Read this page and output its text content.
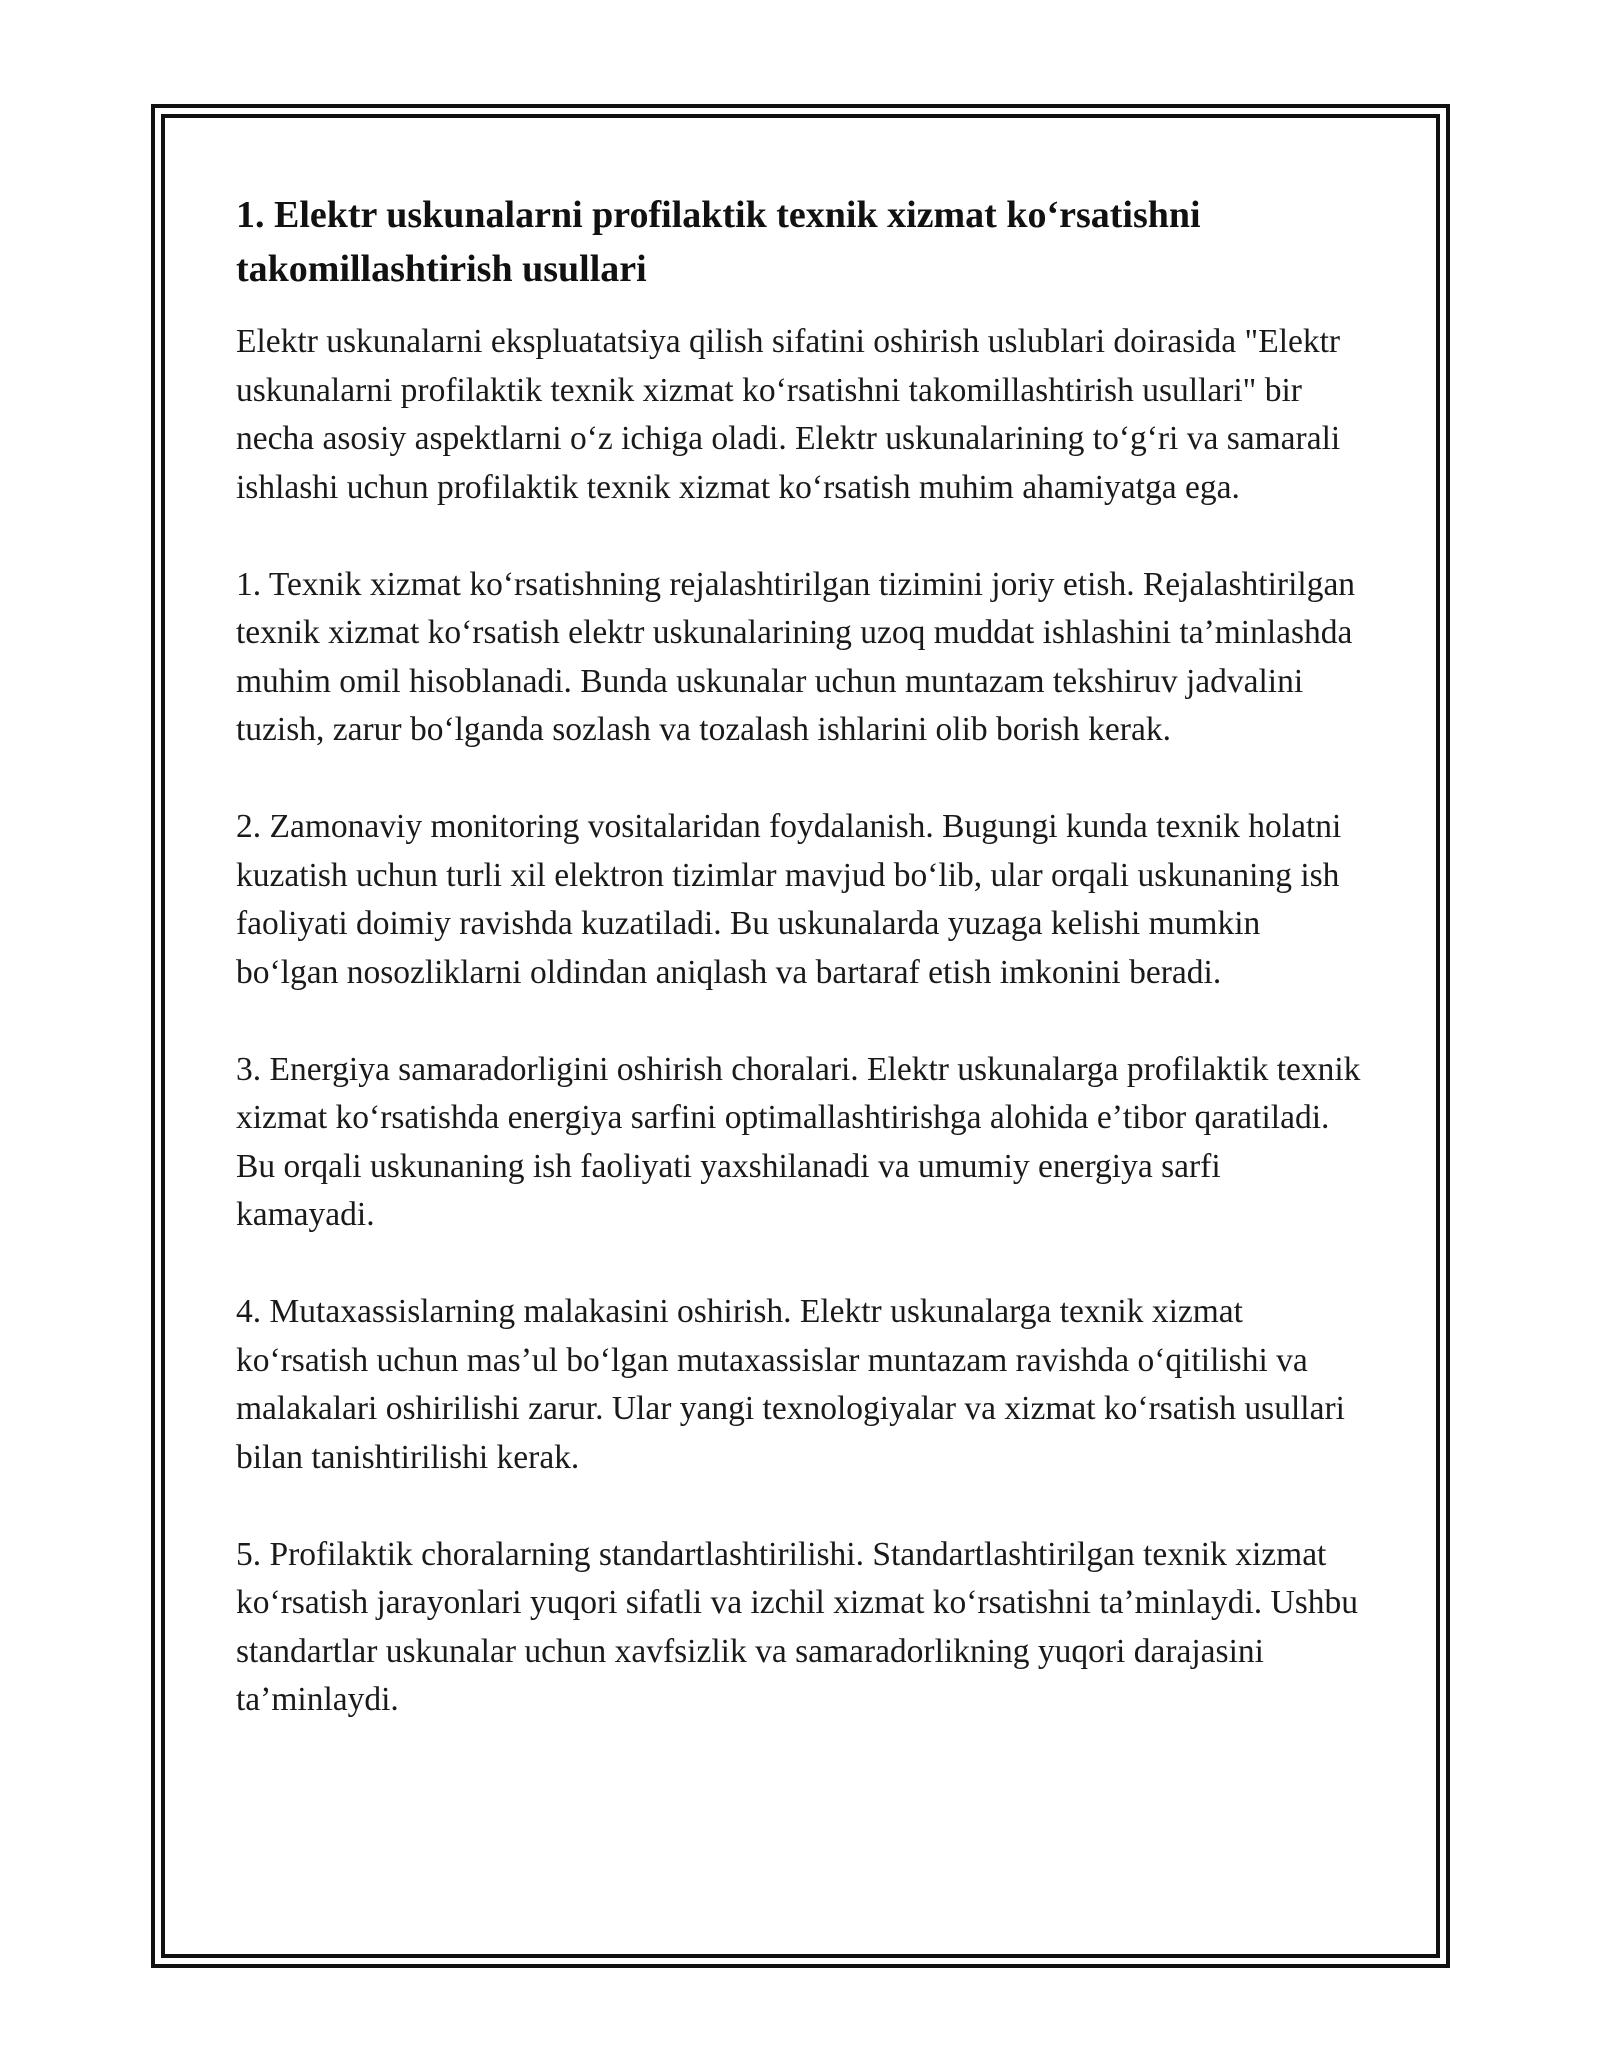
1. Elektr uskunalarni profilaktik texnik xizmat koʻrsatishni takomillashtirish usullari

Elektr uskunalarni ekspluatatsiya qilish sifatini oshirish uslublari doirasida "Elektr uskunalarni profilaktik texnik xizmat koʻrsatishni takomillashtirish usullari" bir necha asosiy aspektlarni oʻz ichiga oladi. Elektr uskunalarining toʻgʻri va samarali ishlashi uchun profilaktik texnik xizmat koʻrsatish muhim ahamiyatga ega.

1. Texnik xizmat koʻrsatishning rejalashtirilgan tizimini joriy etish. Rejalashtirilgan texnik xizmat koʻrsatish elektr uskunalarining uzoq muddat ishlashini taʼminlashda muhim omil hisoblanadi. Bunda uskunalar uchun muntazam tekshiruv jadvalini tuzish, zarur boʻlganda sozlash va tozalash ishlarini olib borish kerak.

2. Zamonaviy monitoring vositalaridan foydalanish. Bugungi kunda texnik holatni kuzatish uchun turli xil elektron tizimlar mavjud boʻlib, ular orqali uskunaning ish faoliyati doimiy ravishda kuzatiladi. Bu uskunalarda yuzaga kelishi mumkin boʻlgan nosozliklarni oldindan aniqlash va bartaraf etish imkonini beradi.

3. Energiya samaradorligini oshirish choralari. Elektr uskunalarga profilaktik texnik xizmat koʻrsatishda energiya sarfini optimallashtirishga alohida eʼtibor qaratiladi. Bu orqali uskunaning ish faoliyati yaxshilanadi va umumiy energiya sarfi kamayadi.

4. Mutaxassislarning malakasini oshirish. Elektr uskunalarga texnik xizmat koʻrsatish uchun masʼul boʻlgan mutaxassislar muntazam ravishda oʻqitilishi va malakalari oshirilishi zarur. Ular yangi texnologiyalar va xizmat koʻrsatish usullari bilan tanishtirilishi kerak.

5. Profilaktik choralarning standartlashtirilishi. Standartlashtirilgan texnik xizmat koʻrsatish jarayonlari yuqori sifatli va izchil xizmat koʻrsatishni taʼminlaydi. Ushbu standartlar uskunalar uchun xavfsizlik va samaradorlikning yuqori darajasini taʼminlaydi.
